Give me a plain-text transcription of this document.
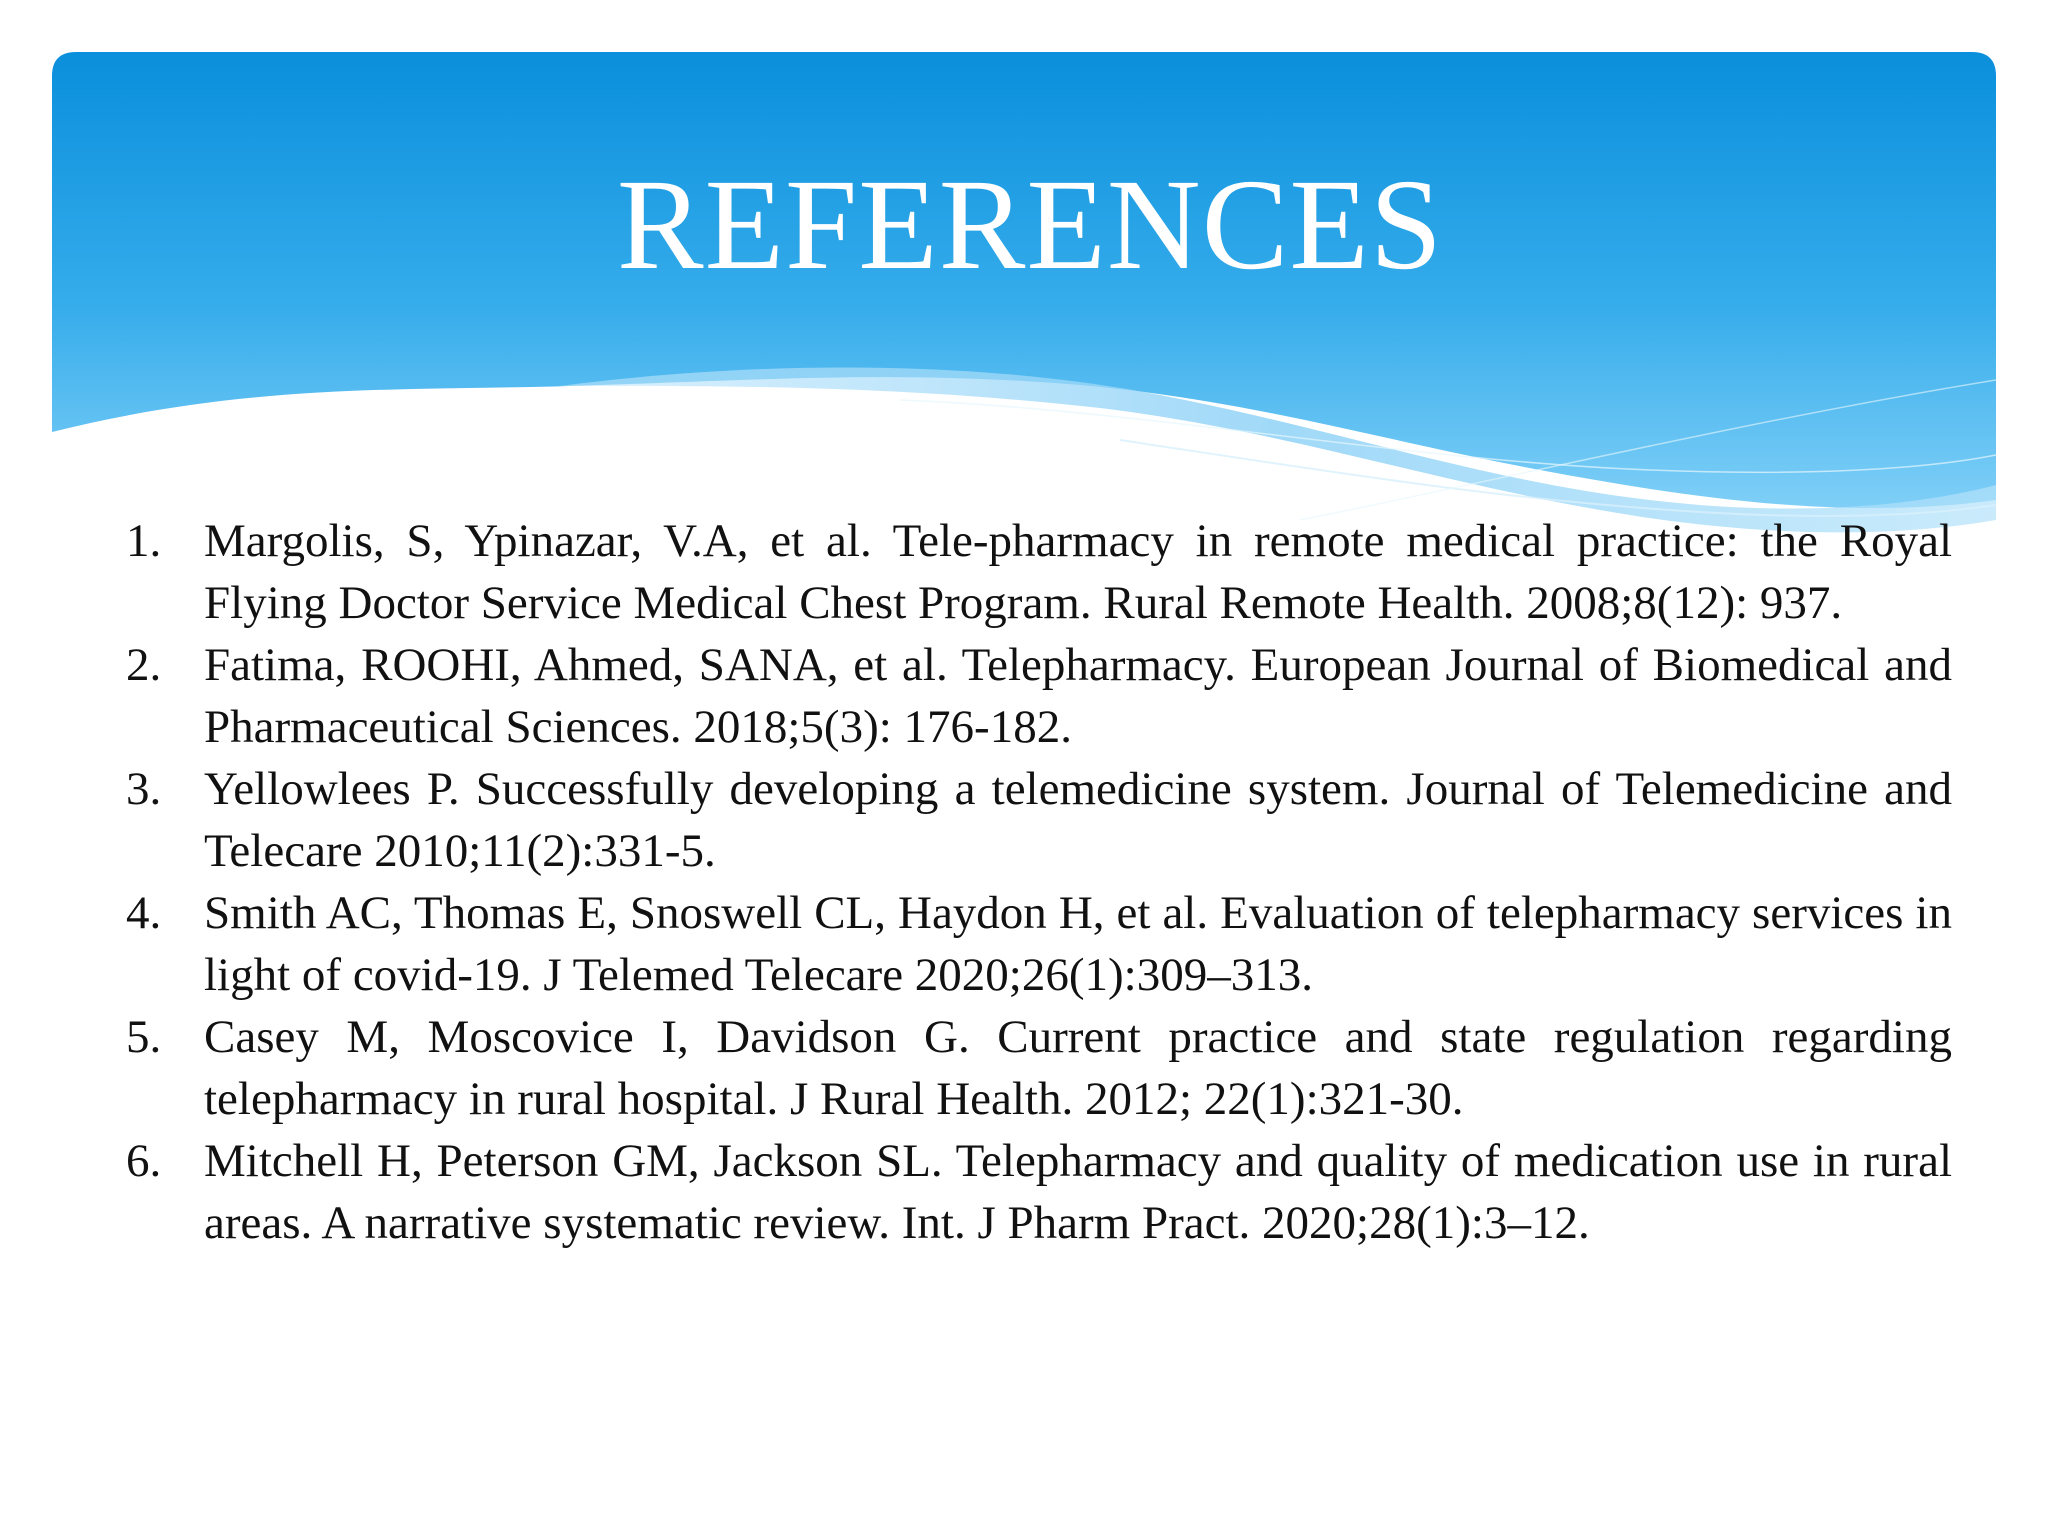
REFERENCES
1. Margolis, S, Ypinazar, V.A, et al. Tele-pharmacy in remote medical practice: the Royal Flying Doctor Service Medical Chest Program. Rural Remote Health. 2008;8(12): 937.
2. Fatima, ROOHI, Ahmed, SANA, et al. Telepharmacy. European Journal of Biomedical and Pharmaceutical Sciences. 2018;5(3): 176-182.
3. Yellowlees P. Successfully developing a telemedicine system. Journal of Telemedicine and Telecare 2010;11(2):331-5.
4. Smith AC, Thomas E, Snoswell CL, Haydon H, et al. Evaluation of telepharmacy services in light of covid-19. J Telemed Telecare 2020;26(1):309–313.
5. Casey M, Moscovice I, Davidson G. Current practice and state regulation regarding telepharmacy in rural hospital. J Rural Health. 2012; 22(1):321-30.
6. Mitchell H, Peterson GM, Jackson SL. Telepharmacy and quality of medication use in rural areas. A narrative systematic review. Int. J Pharm Pract. 2020;28(1):3–12.
